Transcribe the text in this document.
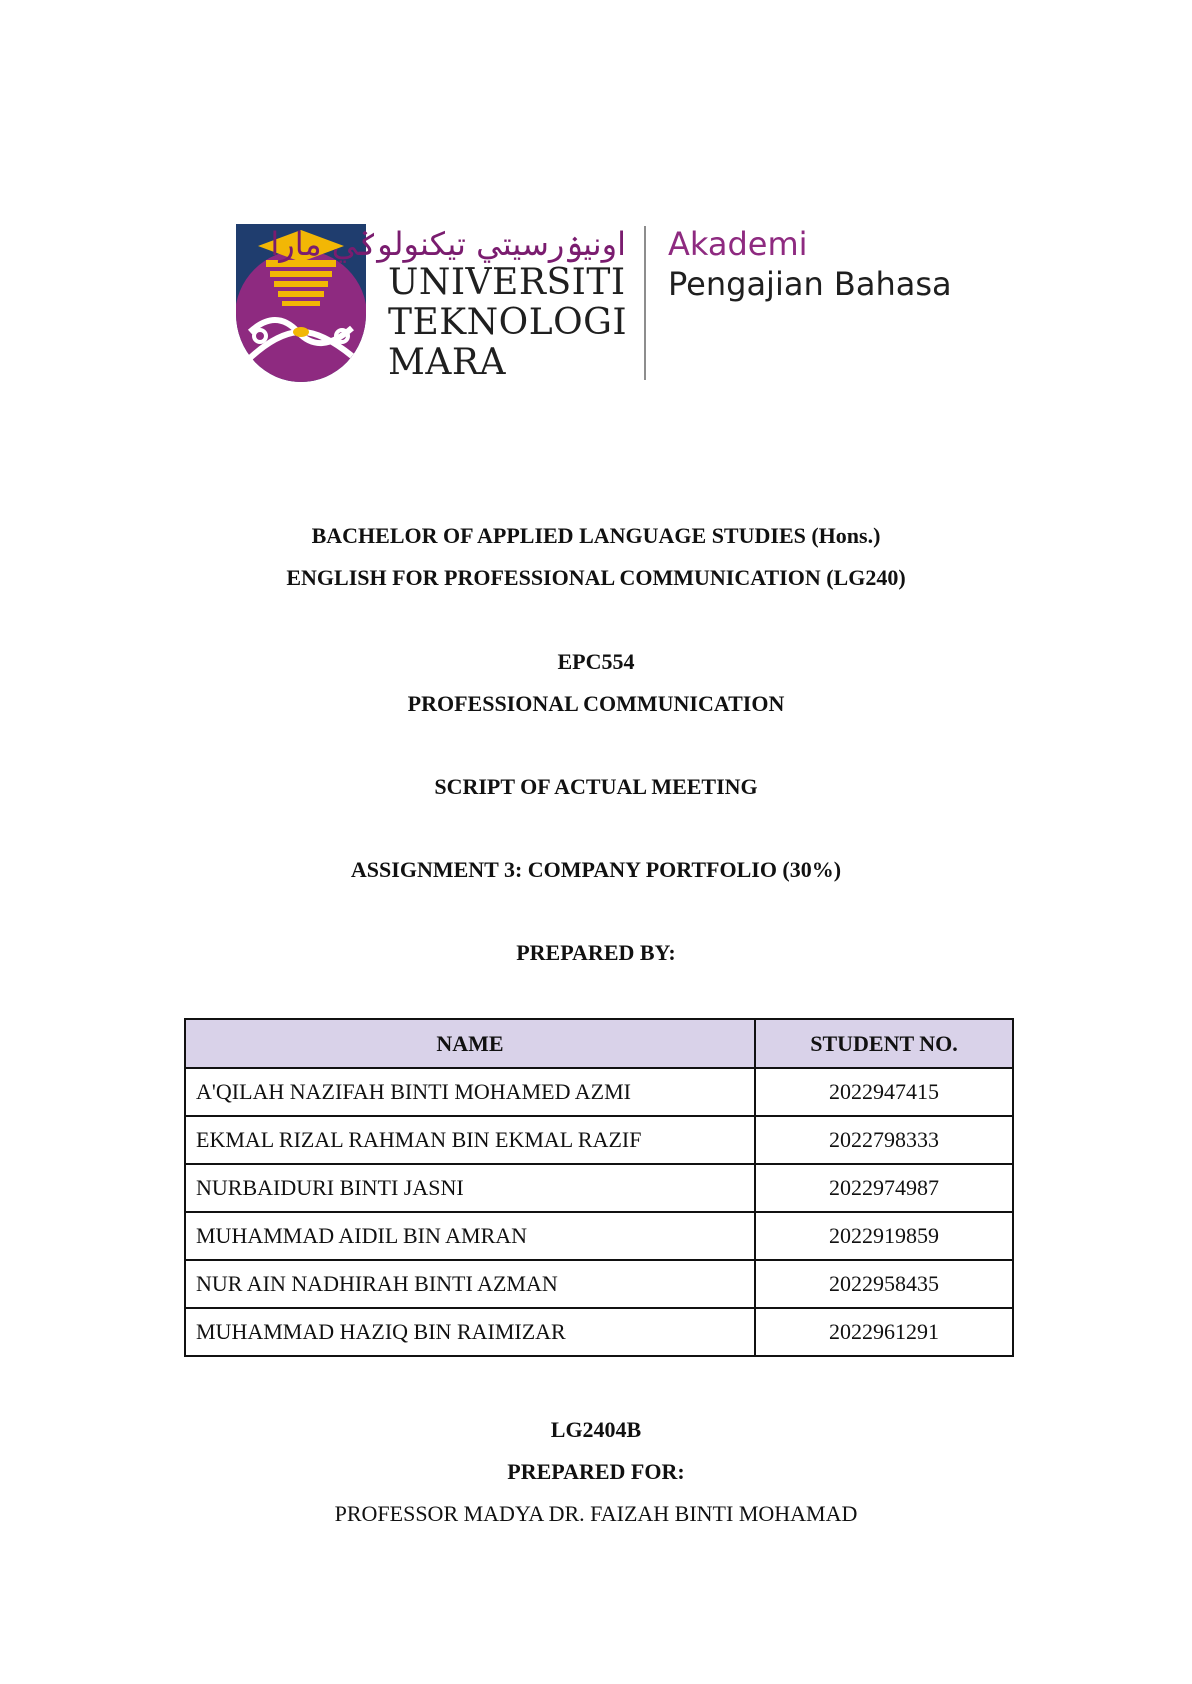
اونيۏرسيتي تيکنولوݢي مارا
UNIVERSITI
TEKNOLOGI
MARA
Akademi
Pengajian Bahasa
BACHELOR OF APPLIED LANGUAGE STUDIES (Hons.)
ENGLISH FOR PROFESSIONAL COMMUNICATION (LG240)
EPC554
PROFESSIONAL COMMUNICATION
SCRIPT OF ACTUAL MEETING
ASSIGNMENT 3: COMPANY PORTFOLIO (30%)
PREPARED BY:
NAME	STUDENT NO.
A'QILAH NAZIFAH BINTI MOHAMED AZMI	2022947415
EKMAL RIZAL RAHMAN BIN EKMAL RAZIF	2022798333
NURBAIDURI BINTI JASNI	2022974987
MUHAMMAD AIDIL BIN AMRAN	2022919859
NUR AIN NADHIRAH BINTI AZMAN	2022958435
MUHAMMAD HAZIQ BIN RAIMIZAR	2022961291
LG2404B
PREPARED FOR:
PROFESSOR MADYA DR. FAIZAH BINTI MOHAMAD
